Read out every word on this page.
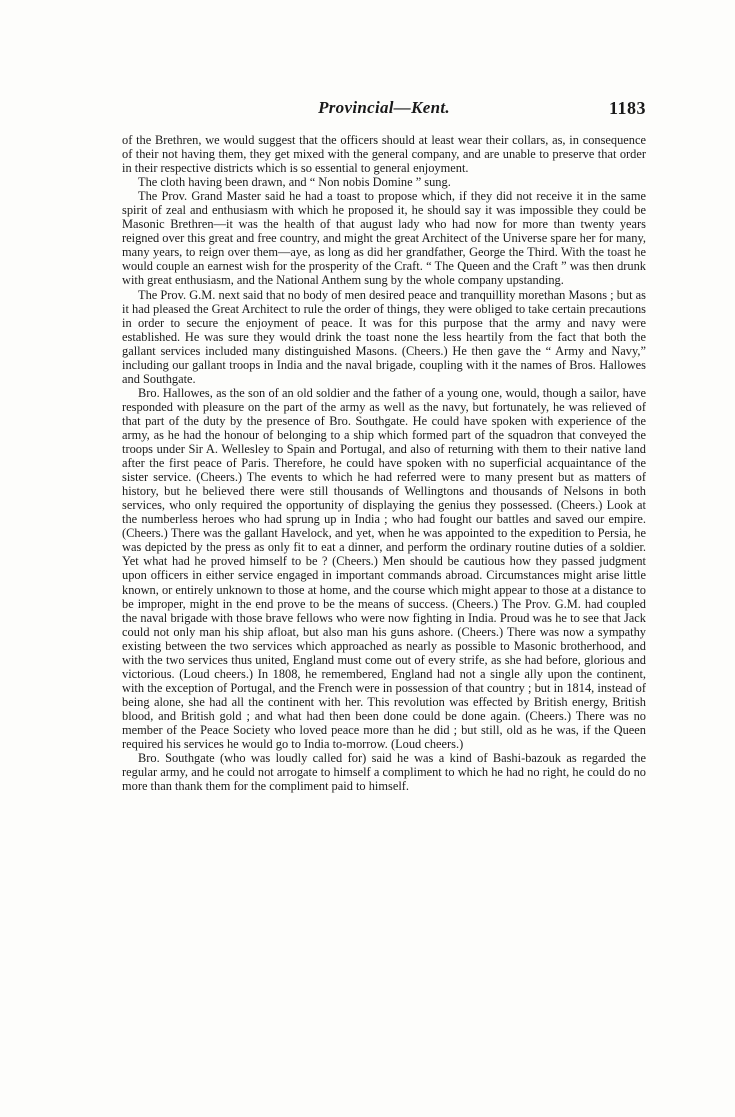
Provincial—Kent.	1183

of the Brethren, we would suggest that the officers should at least wear their collars, as, in consequence of their not having them, they get mixed with the general company, and are unable to preserve that order in their respective districts which is so essential to general enjoyment.

The cloth having been drawn, and “ Non nobis Domine ” sung.

The Prov. Grand Master said he had a toast to propose which, if they did not receive it in the same spirit of zeal and enthusiasm with which he proposed it, he should say it was impossible they could be Masonic Brethren—it was the health of that august lady who had now for more than twenty years reigned over this great and free country, and might the great Architect of the Universe spare her for many, many years, to reign over them—aye, as long as did her grandfather, George the Third. With the toast he would couple an earnest wish for the prosperity of the Craft. “ The Queen and the Craft ” was then drunk with great enthusiasm, and the National Anthem sung by the whole company upstanding.

The Prov. G.M. next said that no body of men desired peace and tranquillity morethan Masons ; but as it had pleased the Great Architect to rule the order of things, they were obliged to take certain precautions in order to secure the enjoyment of peace. It was for this purpose that the army and navy were established. He was sure they would drink the toast none the less heartily from the fact that both the gallant services included many distinguished Masons. (Cheers.) He then gave the “ Army and Navy,” including our gallant troops in India and the naval brigade, coupling with it the names of Bros. Hallowes and Southgate.

Bro. Hallowes, as the son of an old soldier and the father of a young one, would, though a sailor, have responded with pleasure on the part of the army as well as the navy, but fortunately, he was relieved of that part of the duty by the presence of Bro. Southgate. He could have spoken with experience of the army, as he had the honour of belonging to a ship which formed part of the squadron that conveyed the troops under Sir A. Wellesley to Spain and Portugal, and also of returning with them to their native land after the first peace of Paris. Therefore, he could have spoken with no superficial acquaintance of the sister service. (Cheers.) The events to which he had referred were to many present but as matters of history, but he believed there were still thousands of Wellingtons and thousands of Nelsons in both services, who only required the opportunity of displaying the genius they possessed. (Cheers.) Look at the numberless heroes who had sprung up in India ; who had fought our battles and saved our empire. (Cheers.) There was the gallant Havelock, and yet, when he was appointed to the expedition to Persia, he was depicted by the press as only fit to eat a dinner, and perform the ordinary routine duties of a soldier. Yet what had he proved himself to be ? (Cheers.) Men should be cautious how they passed judgment upon officers in either service engaged in important commands abroad. Circumstances might arise little known, or entirely unknown to those at home, and the course which might appear to those at a distance to be improper, might in the end prove to be the means of success. (Cheers.) The Prov. G.M. had coupled the naval brigade with those brave fellows who were now fighting in India. Proud was he to see that Jack could not only man his ship afloat, but also man his guns ashore. (Cheers.) There was now a sympathy existing between the two services which approached as nearly as possible to Masonic brotherhood, and with the two services thus united, England must come out of every strife, as she had before, glorious and victorious. (Loud cheers.) In 1808, he remembered, England had not a single ally upon the continent, with the exception of Portugal, and the French were in possession of that country ; but in 1814, instead of being alone, she had all the continent with her. This revolution was effected by British energy, British blood, and British gold ; and what had then been done could be done again. (Cheers.) There was no member of the Peace Society who loved peace more than he did ; but still, old as he was, if the Queen required his services he would go to India to-morrow. (Loud cheers.)

Bro. Southgate (who was loudly called for) said he was a kind of Bashi-bazouk as regarded the regular army, and he could not arrogate to himself a compliment to which he had no right, he could do no more than thank them for the compliment paid to himself.
